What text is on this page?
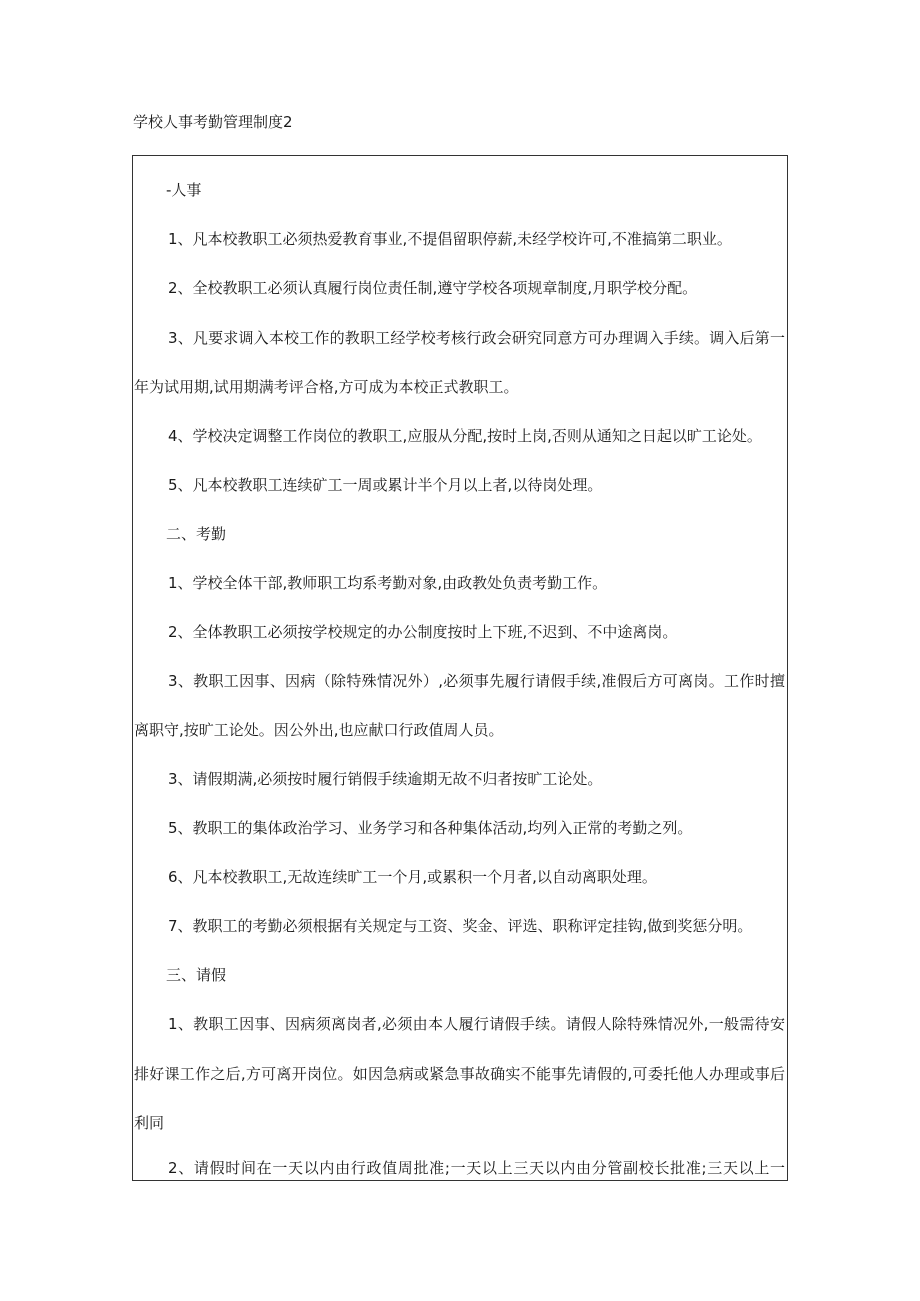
学校人事考勤管理制度2
-人事
1、凡本校教职工必须热爱教育事业,不提倡留职停薪,未经学校许可,不准搞第二职业。
2、全校教职工必须认真履行岗位责任制,遵守学校各项规章制度,月职学校分配。
3、凡要求调入本校工作的教职工经学校考核行政会研究同意方可办理调入手续。调入后第一
年为试用期,试用期满考评合格,方可成为本校正式教职工。
4、学校决定调整工作岗位的教职工,应服从分配,按时上岗,否则从通知之日起以旷工论处。
5、凡本校教职工连续矿工一周或累计半个月以上者,以待岗处理。
二、考勤
1、学校全体干部,教师职工均系考勤对象,由政教处负责考勤工作。
2、全体教职工必须按学校规定的办公制度按时上下班,不迟到、不中途离岗。
3、教职工因事、因病（除特殊情况外）,必须事先履行请假手续,准假后方可离岗。工作时擅
离职守,按旷工论处。因公外出,也应献口行政值周人员。
3、请假期满,必须按时履行销假手续逾期无故不归者按旷工论处。
5、教职工的集体政治学习、业务学习和各种集体活动,均列入正常的考勤之列。
6、凡本校教职工,无故连续旷工一个月,或累积一个月者,以自动离职处理。
7、教职工的考勤必须根据有关规定与工资、奖金、评选、职称评定挂钩,做到奖惩分明。
三、请假
1、教职工因事、因病须离岗者,必须由本人履行请假手续。请假人除特殊情况外,一般需待安
排好课工作之后,方可离开岗位。如因急病或紧急事故确实不能事先请假的,可委托他人办理或事后
利同
2、请假时间在一天以内由行政值周批准;一天以上三天以内由分管副校长批准;三天以上一
